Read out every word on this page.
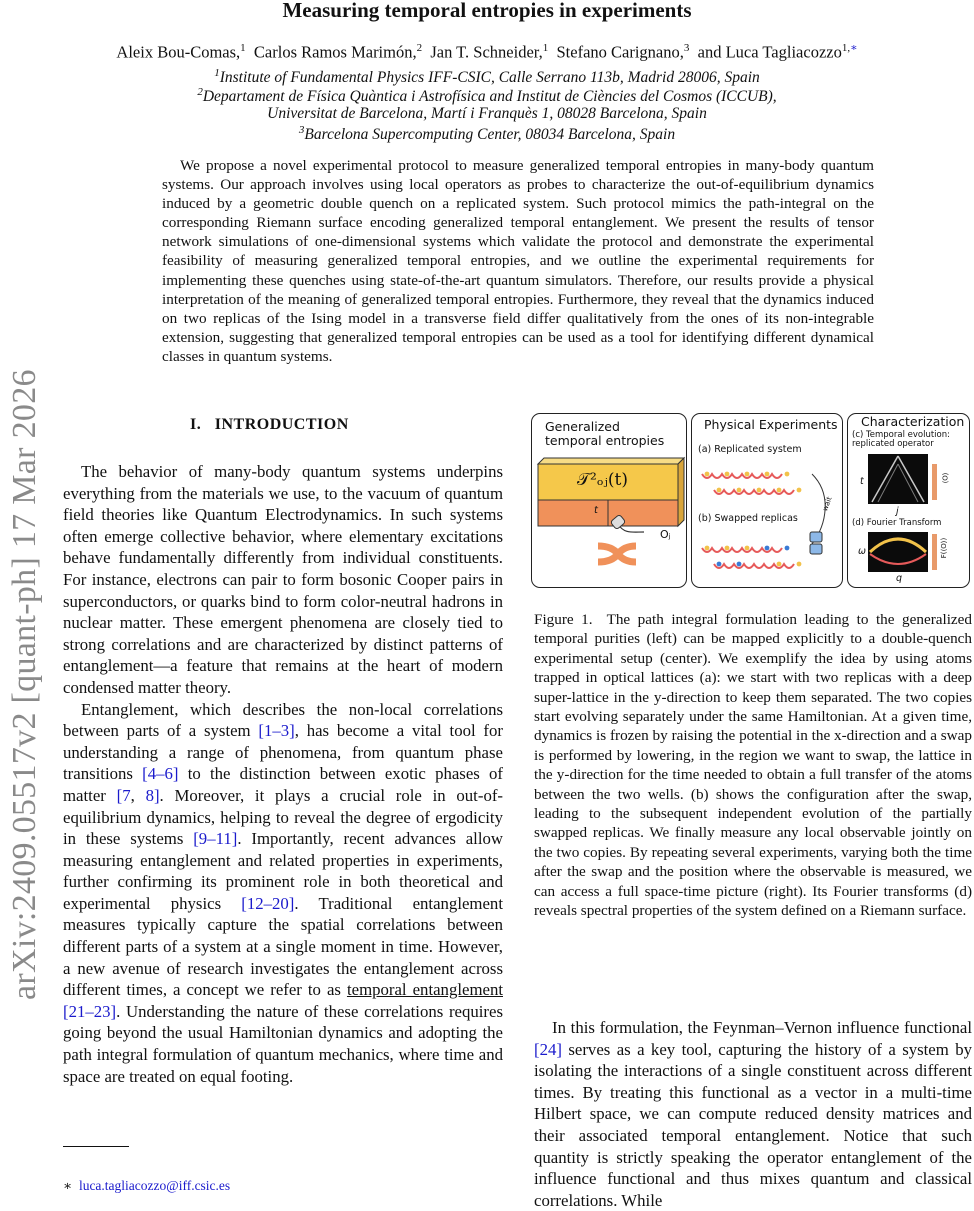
arXiv:2409.05517v2 [quant-ph] 17 Mar 2026
Measuring temporal entropies in experiments
Aleix Bou-Comas,$^1$ Carlos Ramos Marimón,$^2$ Jan T. Schneider,$^1$ Stefano Carignano,$^3$ and Luca Tagliacozzo$^{1,∗}$
$^1$Institute of Fundamental Physics IFF-CSIC, Calle Serrano 113b, Madrid 28006, Spain
$^2$Departament de Física Quàntica i Astrofísica and Institut de Ciències del Cosmos (ICCUB),
Universitat de Barcelona, Martí i Franquès 1, 08028 Barcelona, Spain
$^3$Barcelona Supercomputing Center, 08034 Barcelona, Spain
We propose a novel experimental protocol to measure generalized temporal entropies in many-body quantum systems. Our approach involves using local operators as probes to characterize the out-of-equilibrium dynamics induced by a geometric double quench on a replicated system. Such protocol mimics the path-integral on the corresponding Riemann surface encoding generalized temporal entanglement. We present the results of tensor network simulations of one-dimensional systems which validate the protocol and demonstrate the experimental feasibility of measuring generalized temporal entropies, and we outline the experimental requirements for implementing these quenches using state-of-the-art quantum simulators. Therefore, our results provide a physical interpretation of the meaning of generalized temporal entropies. Furthermore, they reveal that the dynamics induced on two replicas of the Ising model in a transverse field differ qualitatively from the ones of its non-integrable extension, suggesting that generalized temporal entropies can be used as a tool for identifying different dynamical classes in quantum systems.
I. INTRODUCTION

The behavior of many-body quantum systems underpins everything from the materials we use, to the vacuum of quantum field theories like Quantum Electrodynamics. In such systems often emerge collective behavior, where elementary excitations behave fundamentally differently from individual constituents. For instance, electrons can pair to form bosonic Cooper pairs in superconductors, or quarks bind to form color-neutral hadrons in nuclear matter. These emergent phenomena are closely tied to strong correlations and are characterized by distinct patterns of entanglement—a feature that remains at the heart of modern condensed matter theory.

Entanglement, which describes the non-local correlations between parts of a system [1–3], has become a vital tool for understanding a range of phenomena, from quantum phase transitions [4–6] to the distinction between exotic phases of matter [7, 8]. Moreover, it plays a crucial role in out-of-equilibrium dynamics, helping to reveal the degree of ergodicity in these systems [9–11]. Importantly, recent advances allow measuring entanglement and related properties in experiments, further confirming its prominent role in both theoretical and experimental physics [12–20]. Traditional entanglement measures typically capture the spatial correlations between different parts of a system at a single moment in time. However, a new avenue of research investigates the entanglement across different times, a concept we refer to as temporal entanglement [21–23]. Understanding the nature of these correlations requires going beyond the usual Hamiltonian dynamics and adopting the path integral formulation of quantum mechanics, where time and space are treated on equal footing.

∗ luca.tagliacozzo@iff.csic.es
Generalized temporal entropies
𝒯²ₒⱼ(t)
t
Oⱼ
Physical Experiments
(a) Replicated system
(b) Swapped replicas
wait
Characterization
(c) Temporal evolution: replicated operator
(d) Fourier Transform
t
j
ω
q
⟨O⟩
F(⟨O⟩)
Figure 1. The path integral formulation leading to the generalized temporal purities (left) can be mapped explicitly to a double-quench experimental setup (center). We exemplify the idea by using atoms trapped in optical lattices (a): we start with two replicas with a deep super-lattice in the y-direction to keep them separated. The two copies start evolving separately under the same Hamiltonian. At a given time, dynamics is frozen by raising the potential in the x-direction and a swap is performed by lowering, in the region we want to swap, the lattice in the y-direction for the time needed to obtain a full transfer of the atoms between the two wells. (b) shows the configuration after the swap, leading to the subsequent independent evolution of the partially swapped replicas. We finally measure any local observable jointly on the two copies. By repeating several experiments, varying both the time after the swap and the position where the observable is measured, we can access a full space-time picture (right). Its Fourier transforms (d) reveals spectral properties of the system defined on a Riemann surface.

In this formulation, the Feynman–Vernon influence functional [24] serves as a key tool, capturing the history of a system by isolating the interactions of a single constituent across different times. By treating this functional as a vector in a multi-time Hilbert space, we can compute reduced density matrices and their associated temporal entanglement. Notice that such quantity is strictly speaking the operator entanglement of the influence functional and thus mixes quantum and classical correlations. While
